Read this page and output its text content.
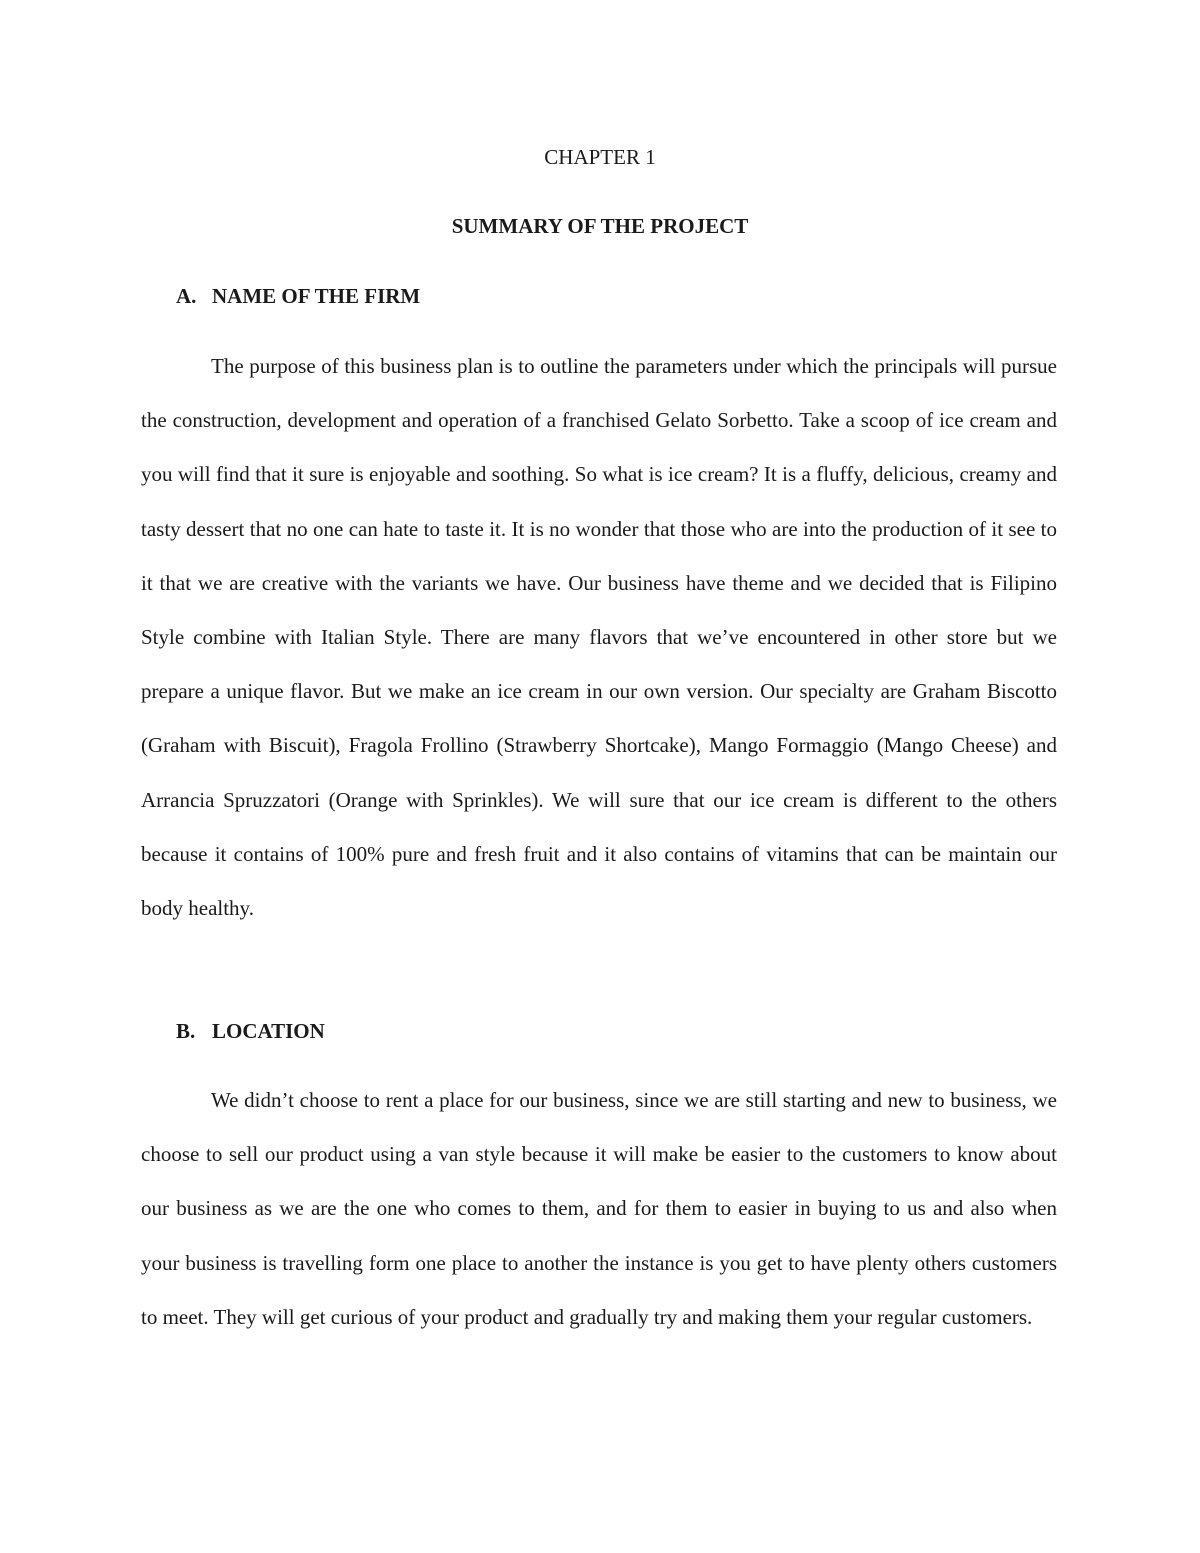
CHAPTER 1
SUMMARY OF THE PROJECT
A. NAME OF THE FIRM

The purpose of this business plan is to outline the parameters under which the principals will pursue the construction, development and operation of a franchised Gelato Sorbetto. Take a scoop of ice cream and you will find that it sure is enjoyable and soothing. So what is ice cream? It is a fluffy, delicious, creamy and tasty dessert that no one can hate to taste it. It is no wonder that those who are into the production of it see to it that we are creative with the variants we have. Our business have theme and we decided that is Filipino Style combine with Italian Style. There are many flavors that we’ve encountered in other store but we prepare a unique flavor. But we make an ice cream in our own version. Our specialty are Graham Biscotto (Graham with Biscuit), Fragola Frollino (Strawberry Shortcake), Mango Formaggio (Mango Cheese) and Arrancia Spruzzatori (Orange with Sprinkles). We will sure that our ice cream is different to the others because it contains of 100% pure and fresh fruit and it also contains of vitamins that can be maintain our body healthy.

B. LOCATION

We didn’t choose to rent a place for our business, since we are still starting and new to business, we choose to sell our product using a van style because it will make be easier to the customers to know about our business as we are the one who comes to them, and for them to easier in buying to us and also when your business is travelling form one place to another the instance is you get to have plenty others customers to meet. They will get curious of your product and gradually try and making them your regular customers.
